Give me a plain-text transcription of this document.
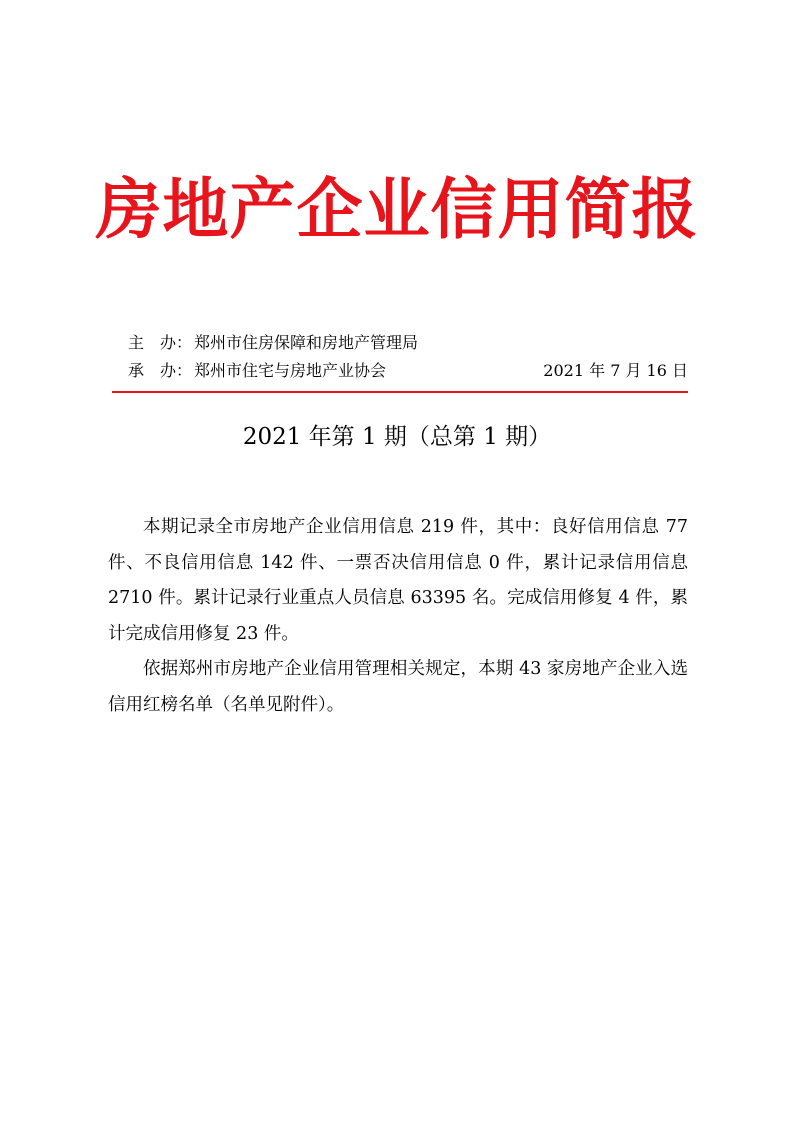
房地产企业信用简报
主　办： 郑州市住房保障和房地产管理局
承　办： 郑州市住宅与房地产业协会	2021 年 7 月 16 日
2021 年第 1 期（总第 1 期）

本期记录全市房地产企业信用信息 219 件，其中：良好信用信息 77 件、不良信用信息 142 件、一票否决信用信息 0 件，累计记录信用信息 2710 件。累计记录行业重点人员信息 63395 名。完成信用修复 4 件，累计完成信用修复 23 件。

依据郑州市房地产企业信用管理相关规定，本期 43 家房地产企业入选信用红榜名单（名单见附件）。
